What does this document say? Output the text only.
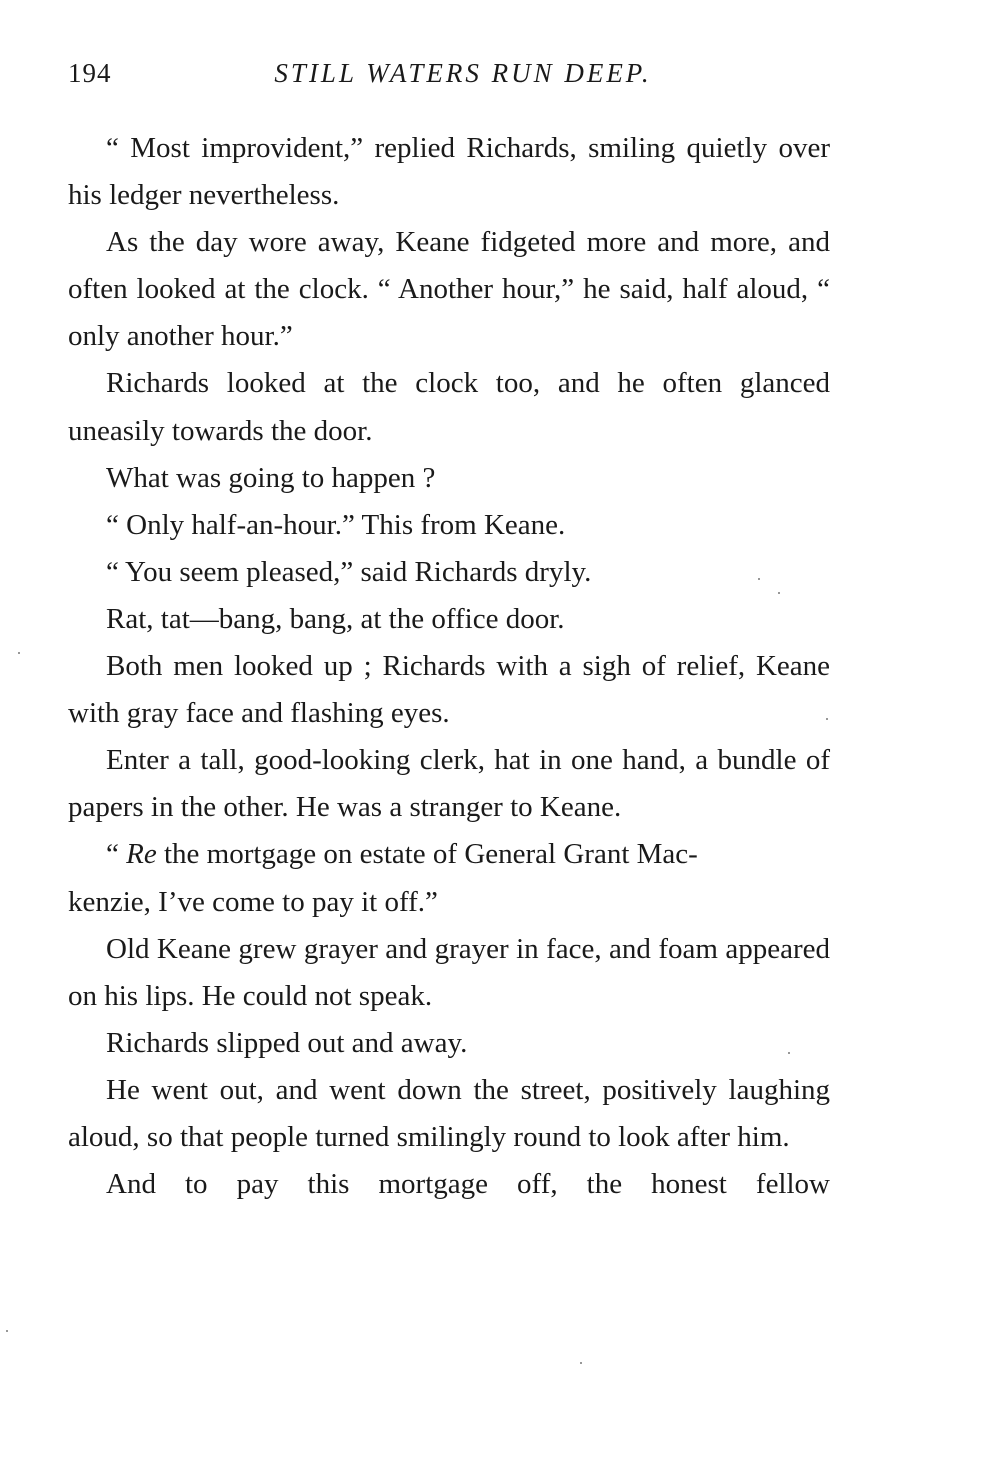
194	STILL WATERS RUN DEEP.

“ Most improvident,” replied Richards, smiling quietly over his ledger nevertheless.

As the day wore away, Keane fidgeted more and more, and often looked at the clock. “ Another hour,” he said, half aloud, “ only another hour.”

Richards looked at the clock too, and he often glanced uneasily towards the door.

What was going to happen ?

“ Only half-an-hour.” This from Keane.

“ You seem pleased,” said Richards dryly.

Rat, tat—bang, bang, at the office door.

Both men looked up ; Richards with a sigh of relief, Keane with gray face and flashing eyes.

Enter a tall, good-looking clerk, hat in one hand, a bundle of papers in the other. He was a stranger to Keane.

“ Re the mortgage on estate of General Grant Mac-
kenzie, I’ve come to pay it off.”

Old Keane grew grayer and grayer in face, and foam appeared on his lips. He could not speak.

Richards slipped out and away.

He went out, and went down the street, positively laughing aloud, so that people turned smilingly round to look after him.

And to pay this mortgage off, the honest fellow
